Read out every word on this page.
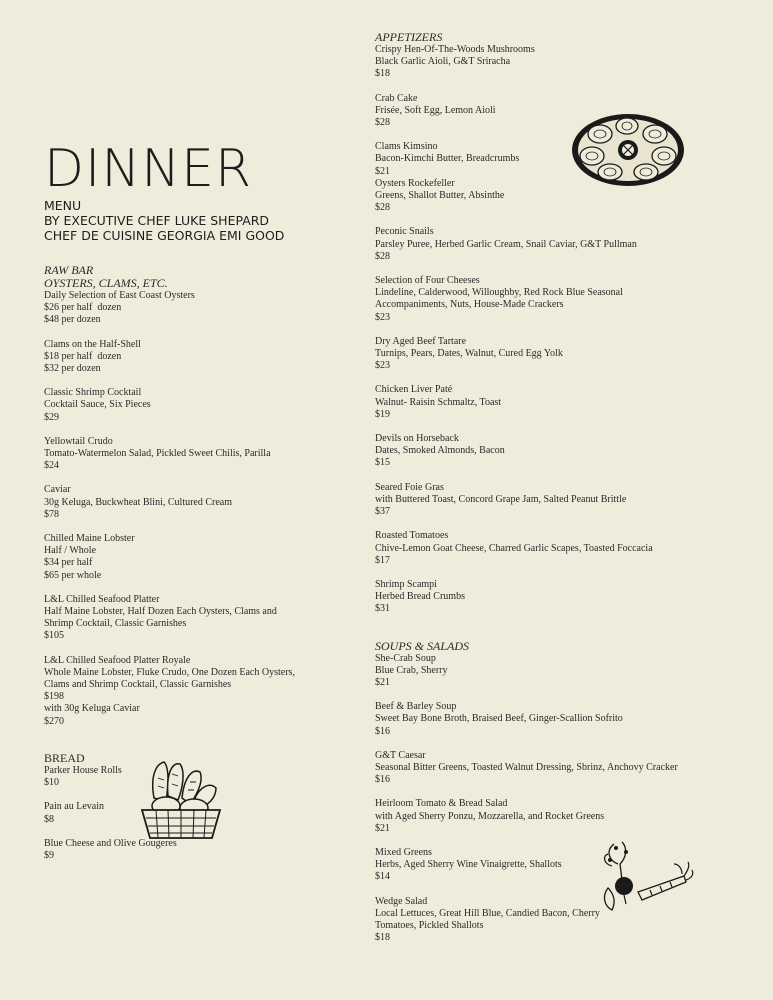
DINNER
MENU
BY EXECUTIVE CHEF LUKE SHEPARD
CHEF DE CUISINE GEORGIA EMI GOOD
RAW BAR
OYSTERS, CLAMS, ETC.
Daily Selection of East Coast Oysters
$26 per half  dozen
$48 per dozen
Clams on the Half-Shell
$18 per half  dozen
$32 per dozen
Classic Shrimp Cocktail
Cocktail Sauce, Six Pieces
$29
Yellowtail Crudo
Tomato-Watermelon Salad, Pickled Sweet Chilis, Parilla
$24
Caviar
30g Keluga, Buckwheat Blini, Cultured Cream
$78
Chilled Maine Lobster
Half / Whole
$34 per half
$65 per whole
L&L Chilled Seafood Platter
Half Maine Lobster, Half Dozen Each Oysters, Clams and
Shrimp Cocktail, Classic Garnishes
$105
L&L Chilled Seafood Platter Royale
Whole Maine Lobster, Fluke Crudo, One Dozen Each Oysters,
Clams and Shrimp Cocktail, Classic Garnishes
$198
with 30g Keluga Caviar
$270
BREAD
Parker House Rolls
$10
Pain au Levain
$8
Blue Cheese and Olive Gougeres
$9
APPETIZERS
Crispy Hen-Of-The-Woods Mushrooms
Black Garlic Aioli, G&T Sriracha
$18
Crab Cake
Frisée, Soft Egg, Lemon Aioli
$28
Clams Kimsino
Bacon-Kimchi Butter, Breadcrumbs
$21
Oysters Rockefeller
Greens, Shallot Butter, Absinthe
$28
Peconic Snails
Parsley Puree, Herbed Garlic Cream, Snail Caviar, G&T Pullman
$28
Selection of Four Cheeses
Lindeline, Calderwood, Willoughby, Red Rock Blue Seasonal
Accompaniments, Nuts, House-Made Crackers
$23
Dry Aged Beef Tartare
Turnips, Pears, Dates, Walnut, Cured Egg Yolk
$23
Chicken Liver Paté
Walnut- Raisin Schmaltz, Toast
$19
Devils on Horseback
Dates, Smoked Almonds, Bacon
$15
Seared Foie Gras
with Buttered Toast, Concord Grape Jam, Salted Peanut Brittle
$37
Roasted Tomatoes
Chive-Lemon Goat Cheese, Charred Garlic Scapes, Toasted Foccacia
$17
Shrimp Scampi
Herbed Bread Crumbs
$31
SOUPS & SALADS
She-Crab Soup
Blue Crab, Sherry
$21
Beef & Barley Soup
Sweet Bay Bone Broth, Braised Beef, Ginger-Scallion Sofrito
$16
G&T Caesar
Seasonal Bitter Greens, Toasted Walnut Dressing, Sbrinz, Anchovy Cracker
$16
Heirloom Tomato & Bread Salad
with Aged Sherry Ponzu, Mozzarella, and Rocket Greens
$21
Mixed Greens
Herbs, Aged Sherry Wine Vinaigrette, Shallots
$14
Wedge Salad
Local Lettuces, Great Hill Blue, Candied Bacon, Cherry
Tomatoes, Pickled Shallots
$18
